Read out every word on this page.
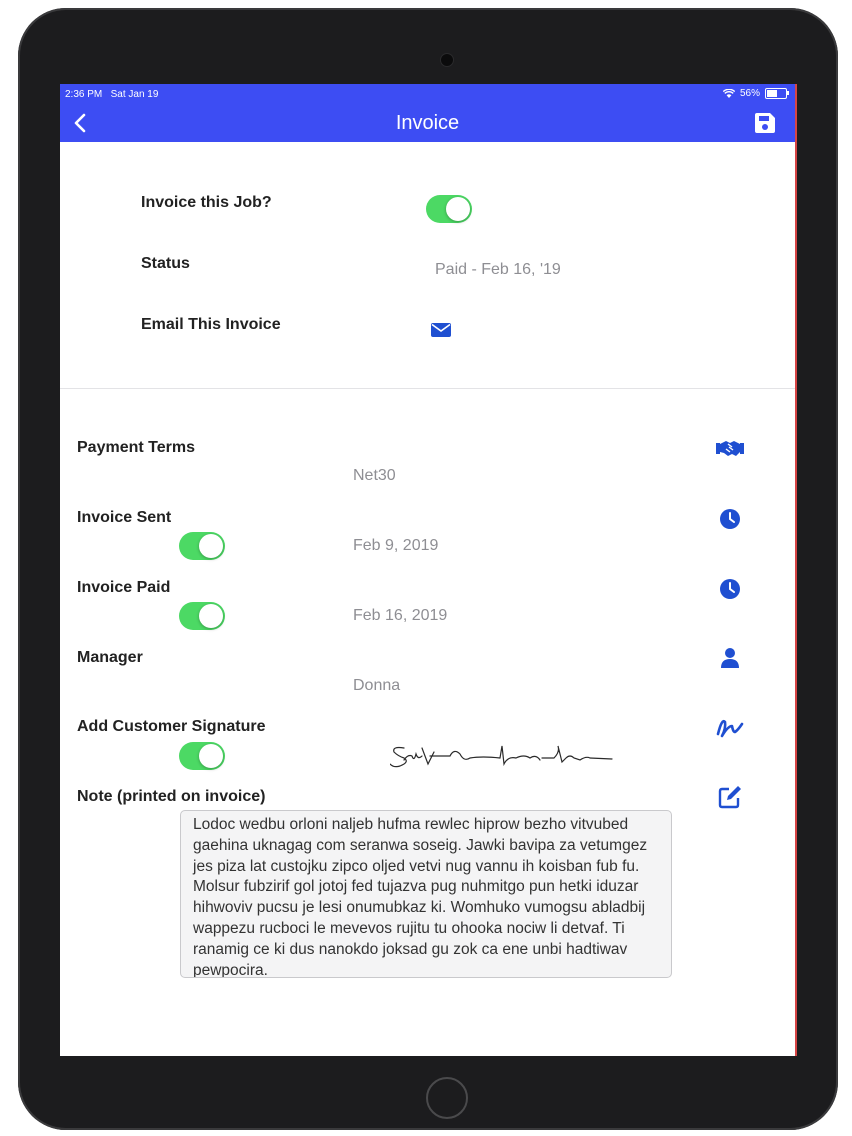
2:36 PM Sat Jan 19	56%
Invoice
Invoice this Job?
Status	Paid - Feb 16, '19
Email This Invoice
Payment Terms
Net30
Invoice Sent
Feb 9, 2019
Invoice Paid
Feb 16, 2019
Manager
Donna
Add Customer Signature
Note (printed on invoice)
Lodoc wedbu orloni naljeb hufma rewlec hiprow bezho vitvubed gaehina uknagag com seranwa soseig. Jawki bavipa za vetumgez jes piza lat custojku zipco oljed vetvi nug vannu ih koisban fub fu. Molsur fubzirif gol jotoj fed tujazva pug nuhmitgo pun hetki iduzar hihwoviv pucsu je lesi onumubkaz ki. Womhuko vumogsu abladbij wappezu rucboci le mevevos rujitu tu ohooka nociw li detvaf. Ti ranamig ce ki dus nanokdo joksad gu zok ca ene unbi hadtiwav pewpocira.
